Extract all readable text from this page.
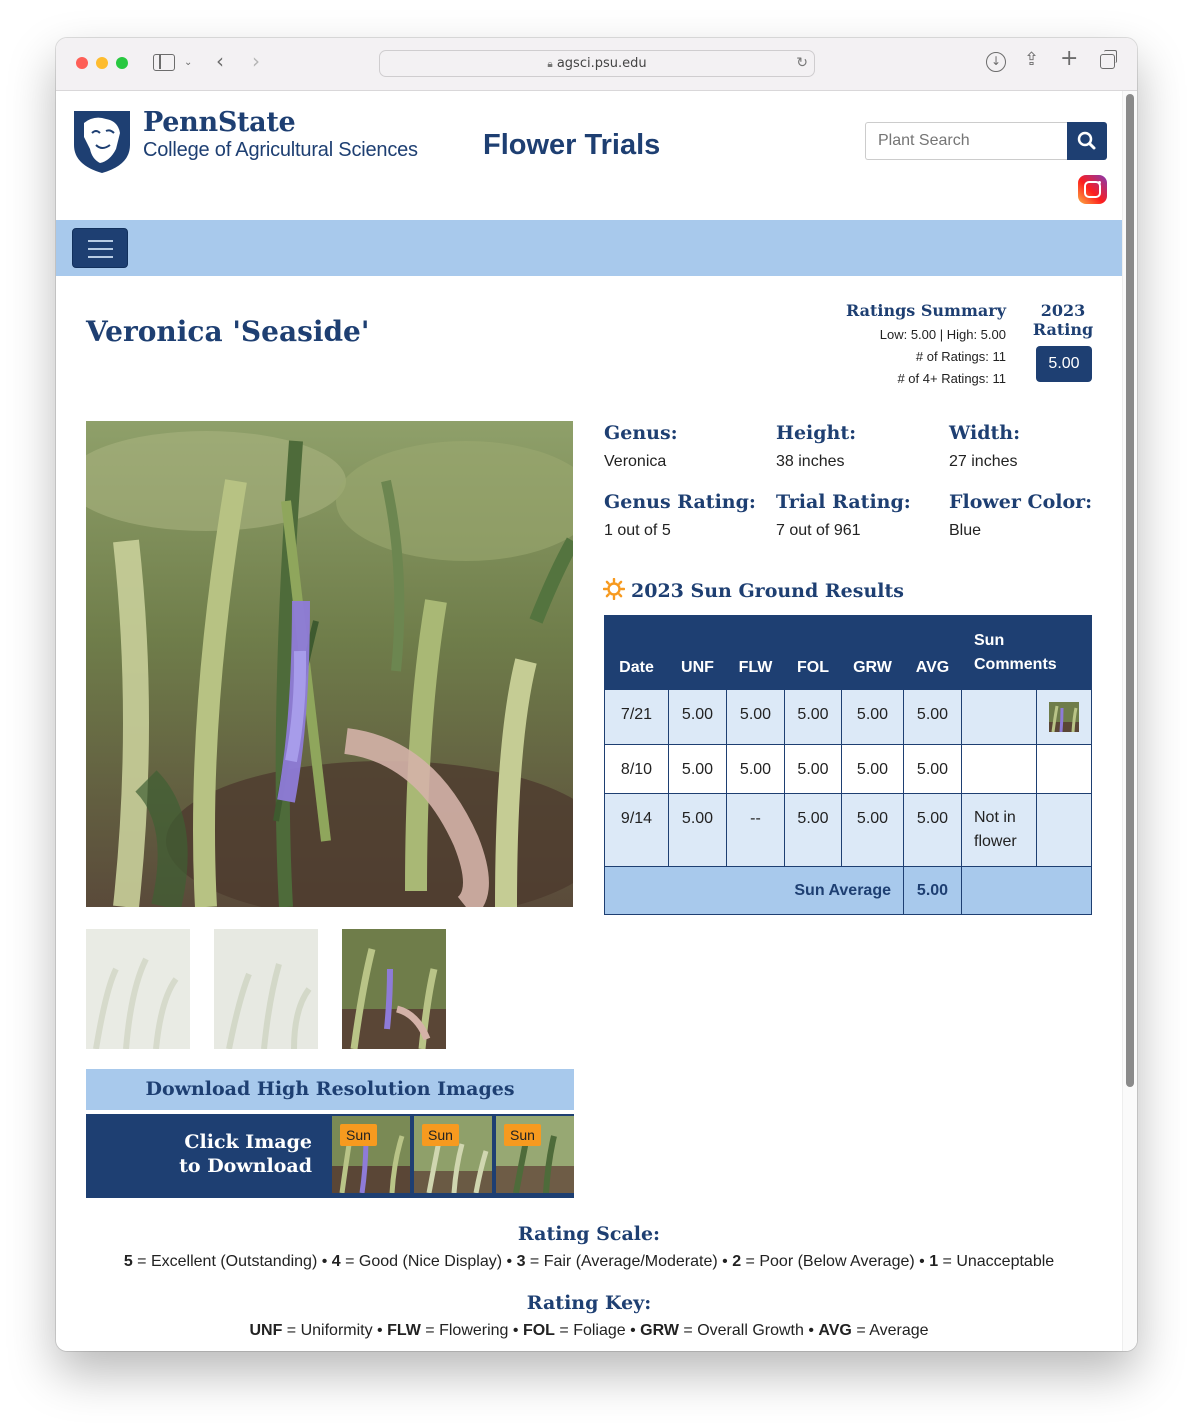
⌄ ‹ ›	🔒︎ agsci.psu.edu	↻	↓ ⇪ +
PennState
College of Agricultural Sciences Flower Trials
Plant Search
Veronica 'Seaside'
Ratings Summary
Low: 5.00 | High: 5.00
# of Ratings: 11
# of 4+ Ratings: 11
2023
Rating
5.00
Download High Resolution Images
Click Image
to Download
Sun	Sun	Sun
Genus:
Veronica
Height:
38 inches
Width:
27 inches
Genus Rating:
1 out of 5
Trial Rating:
7 out of 961
Flower Color:
Blue
2023 Sun Ground Results
Date	UNF	FLW	FOL	GRW	AVG	Sun
Comments	

7/21	5.00	5.00	5.00	5.00	5.00		
8/10	5.00	5.00	5.00	5.00	5.00		
9/14	5.00	--	5.00	5.00	5.00	Not in
flower	

Sun Average					5.00		
Rating Scale:
5 = Excellent (Outstanding) • 4 = Good (Nice Display) • 3 = Fair (Average/Moderate) • 2 = Poor (Below Average) • 1 = Unacceptable
Rating Key:
UNF = Uniformity • FLW = Flowering • FOL = Foliage • GRW = Overall Growth • AVG = Average
